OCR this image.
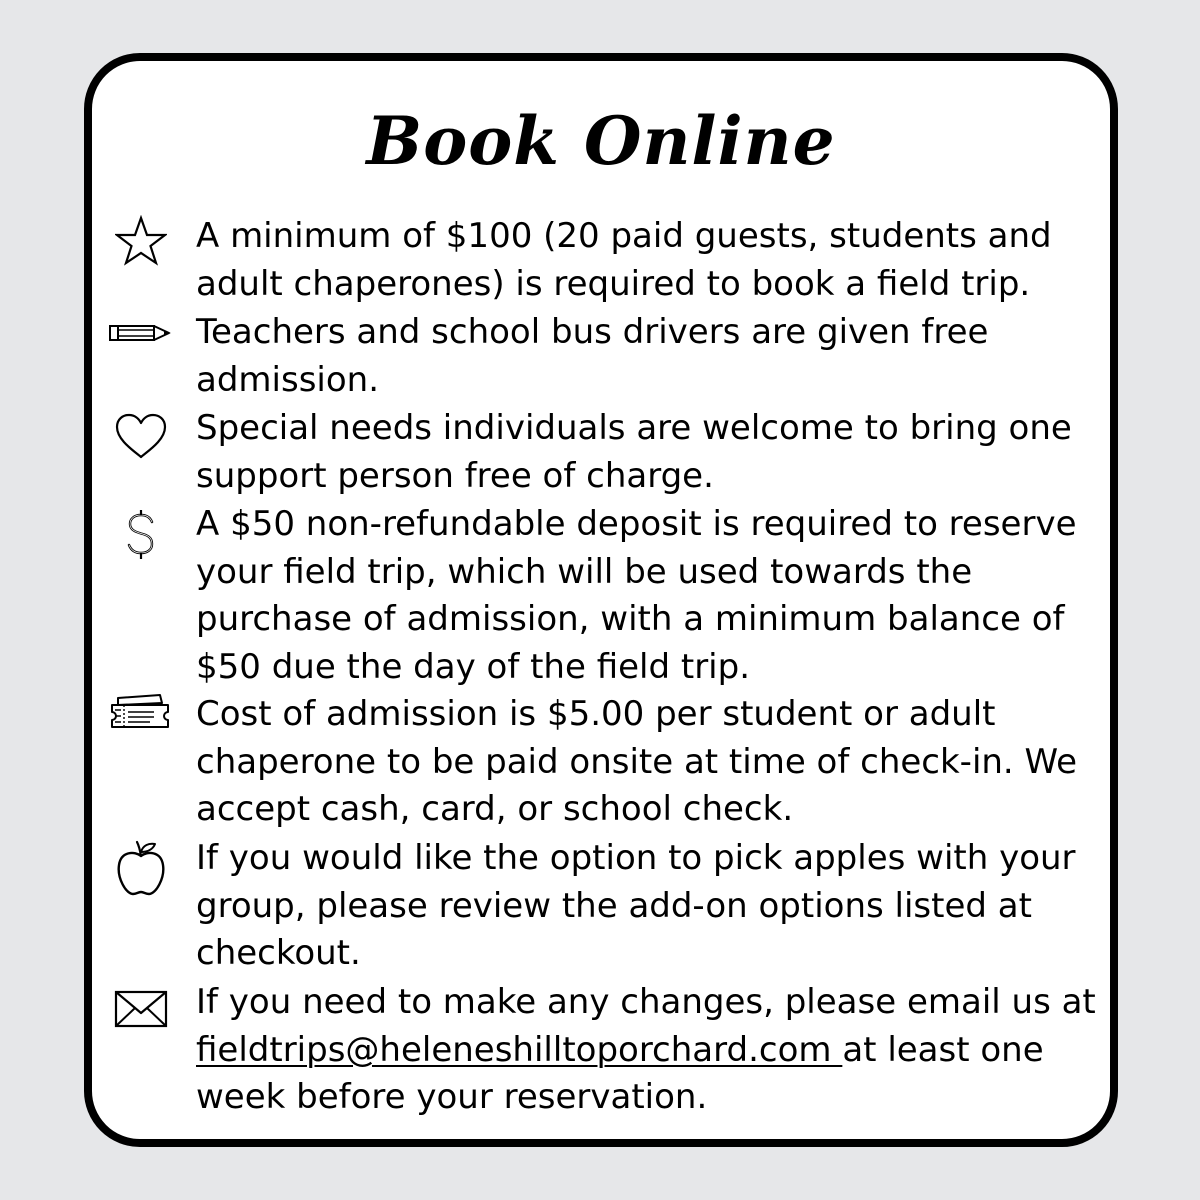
Book Online

A minimum of $100 (20 paid guests, students and adult chaperones) is required to book a field trip.

Teachers and school bus drivers are given free admission.

Special needs individuals are welcome to bring one support person free of charge.

A $50 non-refundable deposit is required to reserve your field trip, which will be used towards the purchase of admission, with a minimum balance of $50 due the day of the field trip.

Cost of admission is $5.00 per student or adult chaperone to be paid onsite at time of check-in. We accept cash, card, or school check.

If you would like the option to pick apples with your group, please review the add-on options listed at checkout.

If you need to make any changes, please email us at fieldtrips@heleneshilltoporchard.com at least one week before your reservation.
